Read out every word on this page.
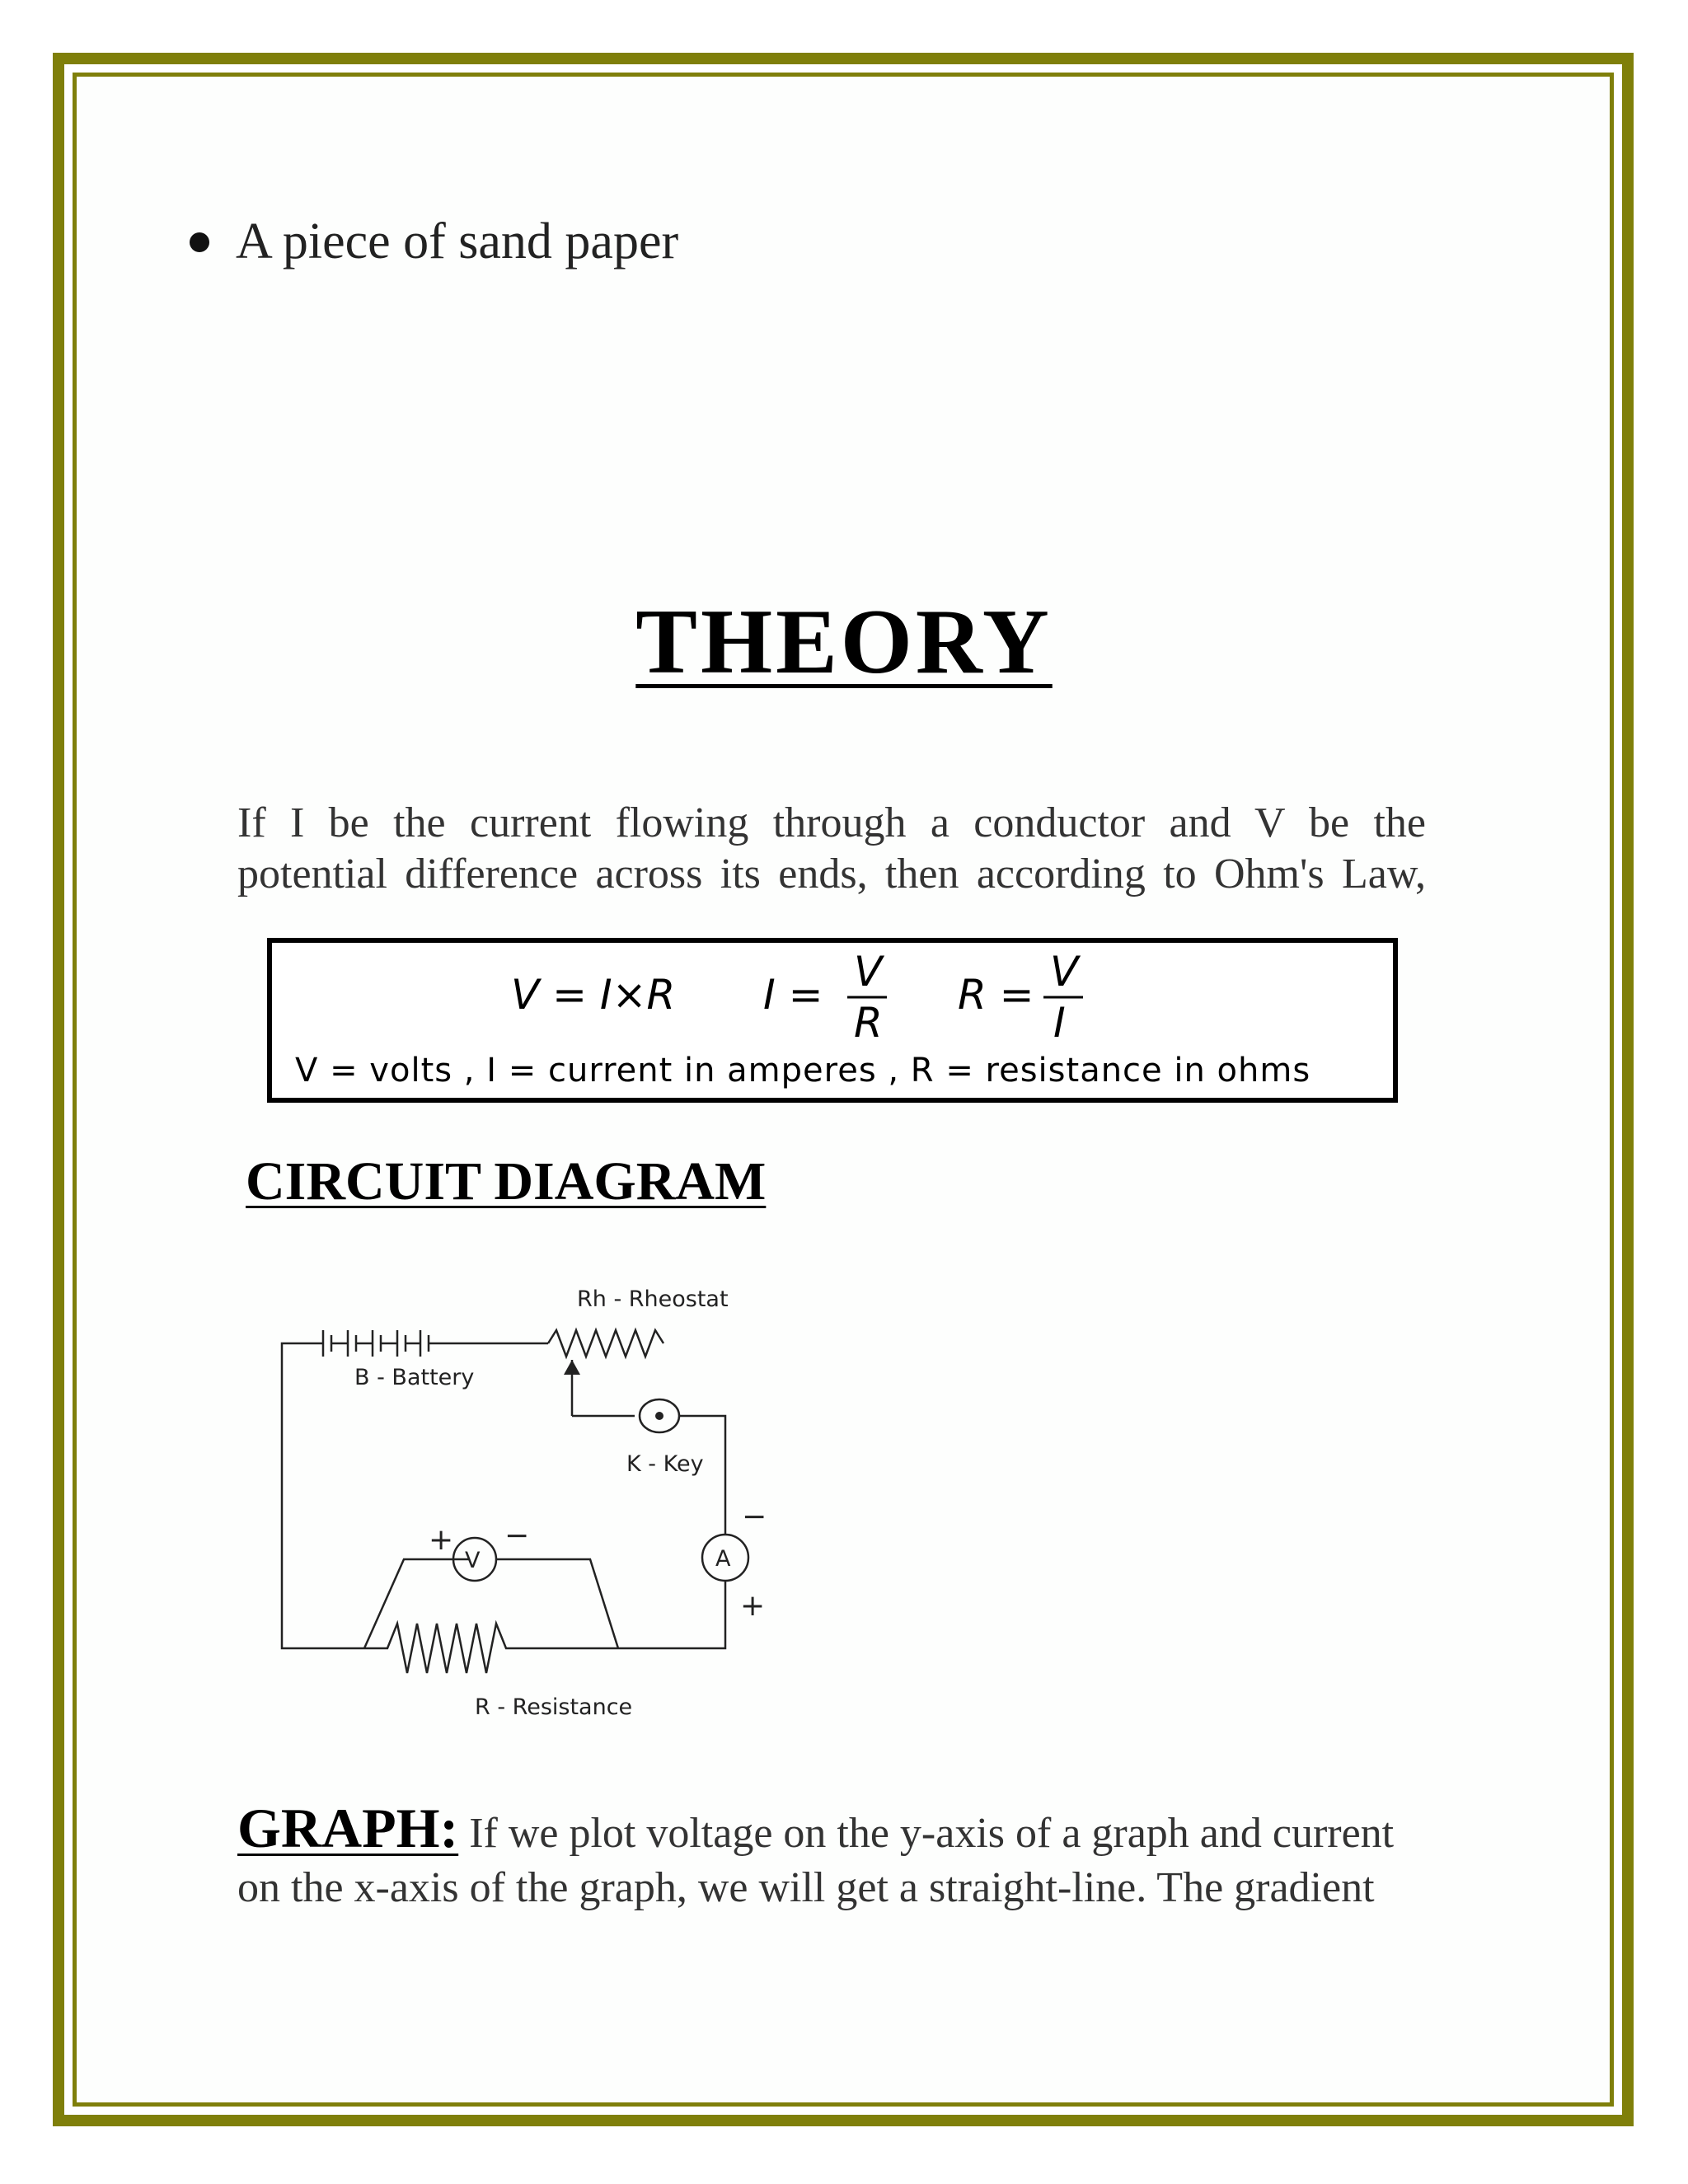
A piece of sand paper
THEORY
If I be the current flowing through a conductor and V be the
potential difference across its ends, then according to Ohm's Law,
V = I×R I = V
R
R = V
I
V = volts , I = current in amperes , R = resistance in ohms
CIRCUIT DIAGRAM
Rh - Rheostat
B - Battery
K - Key
V	A
+ −
−
+
R - Resistance
GRAPH: If we plot voltage on the y-axis of a graph and current
on the x-axis of the graph, we will get a straight-line. The gradient
